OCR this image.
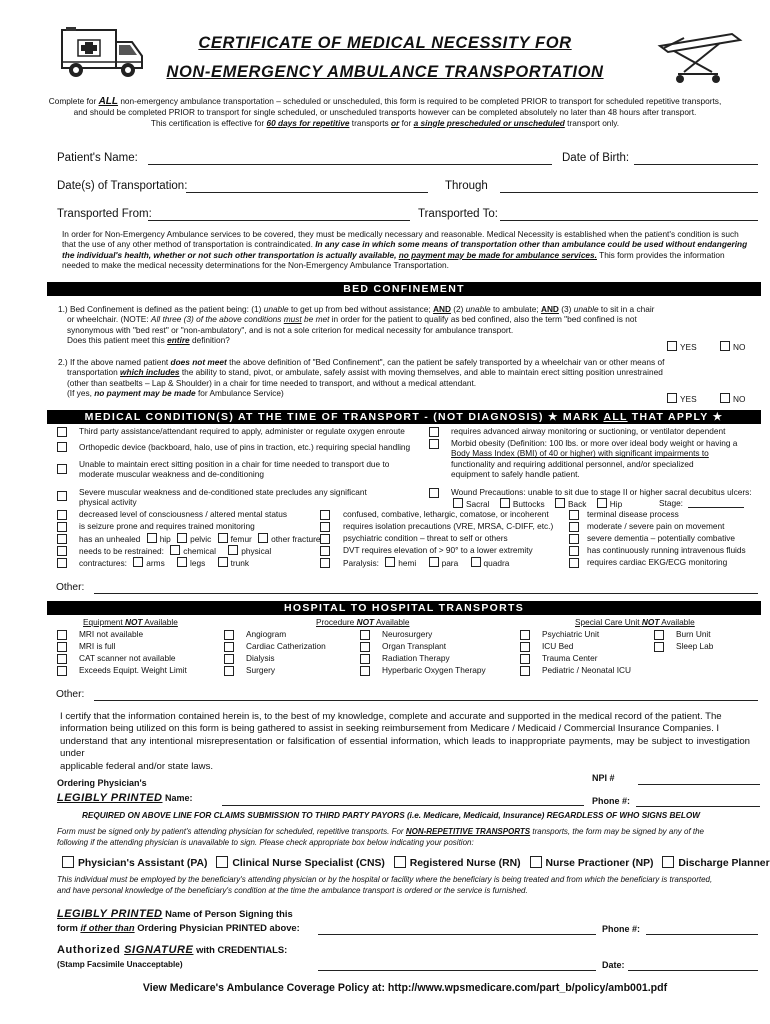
CERTIFICATE OF MEDICAL NECESSITY FOR
NON-EMERGENCY AMBULANCE TRANSPORTATION
Complete for ALL non-emergency ambulance transportation – scheduled or unscheduled, this form is required to be completed PRIOR to transport for scheduled repetitive transports,
and should be completed PRIOR to transport for single scheduled, or unscheduled transports however can be completed absolutely no later than 48 hours after transport.
This certification is effective for 60 days for repetitive transports or for a single prescheduled or unscheduled transport only.
Patient's Name:	Date of Birth:
Date(s) of Transportation:	Through
Transported From:	Transported To:
In order for Non-Emergency Ambulance services to be covered, they must be medically necessary and reasonable. Medical Necessity is established when the patient's condition is such
that the use of any other method of transportation is contraindicated. In any case in which some means of transportation other than ambulance could be used without endangering
the individual's health, whether or not such other transportation is actually available, no payment may be made for ambulance services. This form provides the information
needed to make the medical necessity determinations for the Non-Emergency Ambulance Transportation.
BED CONFINEMENT
1.) Bed Confinement is defined as the patient being: (1) unable to get up from bed without assistance; AND (2) unable to ambulate; AND (3) unable to sit in a chair
or wheelchair. (NOTE: All three (3) of the above conditions must be met in order for the patient to qualify as bed confined, also the term "bed confined is not
synonymous with "bed rest" or "non-ambulatory", and is not a sole criterion for medical necessity for ambulance transport.
Does this patient meet this entire definition?
YES	NO
2.) If the above named patient does not meet the above definition of "Bed Confinement", can the patient be safely transported by a wheelchair van or other means of
transportation which includes the ability to stand, pivot, or ambulate, safely assist with moving themselves, and able to maintain erect sitting position unrestrained
(other than seatbelts – Lap & Shoulder) in a chair for time needed to transport, and without a medical attendant.
(If yes, no payment may be made for Ambulance Service)
YES	NO
MEDICAL CONDITION(S) AT THE TIME OF TRANSPORT - (NOT DIAGNOSIS) ★ MARK ALL THAT APPLY ★
Third party assistance/attendant required to apply, administer or regulate oxygen enroute
Orthopedic device (backboard, halo, use of pins in traction, etc.) requiring special handling
Unable to maintain erect sitting position in a chair for time needed to transport due to
moderate muscular weakness and de-conditioning
Severe muscular weakness and de-conditioned state precludes any significant
physical activity
decreased level of consciousness / altered mental status
is seizure prone and requires trained monitoring
has an unhealed hip pelvic femur other fracture
needs to be restrained: chemical	physical
contractures: arms	legs	trunk
requires advanced airway monitoring or suctioning, or ventilator dependent
Morbid obesity (Definition: 100 lbs. or more over ideal body weight or having a
Body Mass Index (BMI) of 40 or higher) with significant impairments to
functionality and requiring additional personnel, and/or specialized
equipment to safely handle patient.
Wound Precautions: unable to sit due to stage II or higher sacral decubitus ulcers:
Sacral	Buttocks	Back	Hip	Stage:
confused, combative, lethargic, comatose, or incoherent
requires isolation precautions (VRE, MRSA, C-DIFF, etc.)
psychiatric condition – threat to self or others
DVT requires elevation of > 90° to a lower extremity
Paralysis: hemi	para	quadra
terminal disease process
moderate / severe pain on movement
severe dementia – potentially combative
has continuously running intravenous fluids
requires cardiac EKG/ECG monitoring
Other:
HOSPITAL TO HOSPITAL TRANSPORTS
Equipment NOT Available	Procedure NOT Available	Special Care Unit NOT Available
MRI not available
MRI is full
CAT scanner not available
Exceeds Equipt. Weight Limit
Angiogram
Cardiac Catherization
Dialysis
Surgery
Neurosurgery
Organ Transplant
Radiation Therapy
Hyperbaric Oxygen Therapy
Psychiatric Unit
ICU Bed
Trauma Center
Pediatric / Neonatal ICU
Burn Unit
Sleep Lab
Other:
I certify that the information contained herein is, to the best of my knowledge, complete and accurate and supported in the medical record of the patient. The
information being utilized on this form is being gathered to assist in seeking reimbursement from Medicare / Medicaid / Commercial Insurance Companies. I
understand that any intentional misrepresentation or falsification of essential information, which leads to inappropriate payments, may be subject to investigation under
applicable federal and/or state laws.
Ordering Physician's
LEGIBLY PRINTED Name:
NPI #
Phone #:
REQUIRED ON ABOVE LINE FOR CLAIMS SUBMISSION TO THIRD PARTY PAYORS (i.e. Medicare, Medicaid, Insurance) REGARDLESS OF WHO SIGNS BELOW
Form must be signed only by patient's attending physician for scheduled, repetitive transports. For NON-REPETITIVE TRANSPORTS transports, the form may be signed by any of the
following if the attending physician is unavailable to sign. Please check appropriate box below indicating your position:
Physician's Assistant (PA) Clinical Nurse Specialist (CNS) Registered Nurse (RN) Nurse Practioner (NP) Discharge Planner
This individual must be employed by the beneficiary's attending physician or by the hospital or facility where the beneficiary is being treated and from which the beneficiary is transported,
and have personal knowledge of the beneficiary's condition at the time the ambulance transport is ordered or the service is furnished.
LEGIBLY PRINTED Name of Person Signing this
form if other than Ordering Physician PRINTED above:	Phone #:
Authorized SIGNATURE with CREDENTIALS:
(Stamp Facsimile Unacceptable)	Date:
View Medicare's Ambulance Coverage Policy at: http://www.wpsmedicare.com/part_b/policy/amb001.pdf
